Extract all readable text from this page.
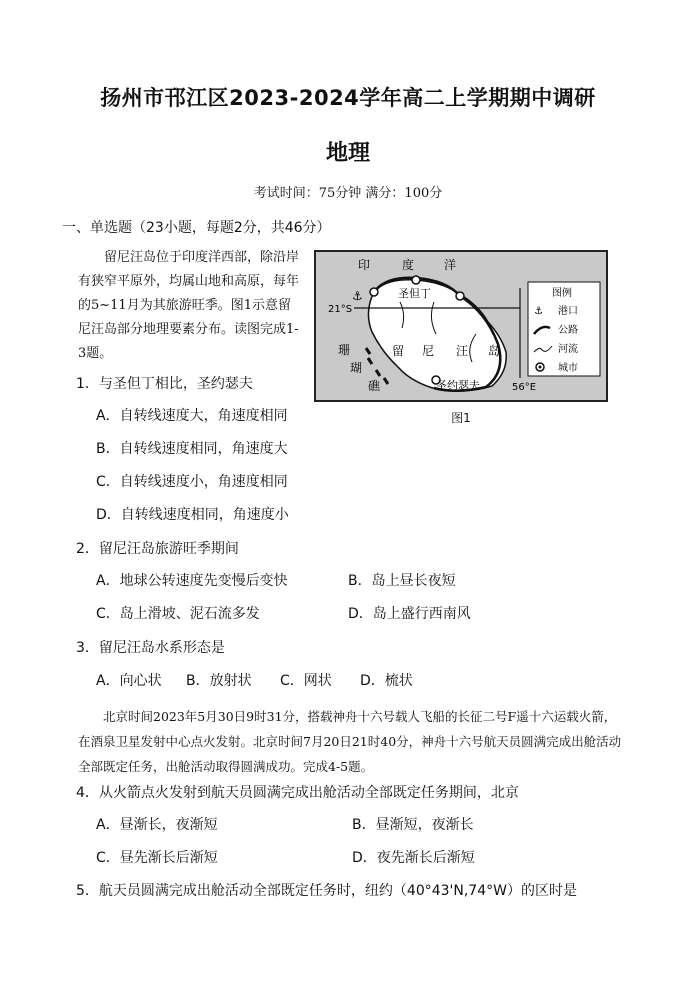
扬州市邗江区2023-2024学年高二上学期期中调研
地理
考试时间：75分钟 满分：100分
一、单选题（23小题，每题2分，共46分）
留尼汪岛位于印度洋西部，除沿岸有狭窄平原外，均属山地和高原，每年的5~11月为其旅游旺季。图1示意留尼汪岛部分地理要素分布。读图完成1-3题。
印	度 洋
21°S
56°E
圣但丁
圣约瑟夫
⚓
留 尼 汪 岛
珊
瑚
礁
图例
⚓ 港口
公路
河流
城市
图1
1．与圣但丁相比，圣约瑟夫
A．自转线速度大，角速度相同
B．自转线速度相同，角速度大
C．自转线速度小，角速度相同
D．自转线速度相同，角速度小
2．留尼汪岛旅游旺季期间
A．地球公转速度先变慢后变快	B．岛上昼长夜短
C．岛上滑坡、泥石流多发	D．岛上盛行西南风
3．留尼汪岛水系形态是
A．向心状 B．放射状 C．网状 D．梳状
北京时间2023年5月30日9时31分，搭载神舟十六号载人飞船的长征二号F遥十六运载火箭，在酒泉卫星发射中心点火发射。北京时间7月20日21时40分，神舟十六号航天员圆满完成出舱活动全部既定任务，出舱活动取得圆满成功。完成4-5题。
4．从火箭点火发射到航天员圆满完成出舱活动全部既定任务期间，北京
A．昼渐长，夜渐短	B．昼渐短，夜渐长
C．昼先渐长后渐短	D．夜先渐长后渐短
5．航天员圆满完成出舱活动全部既定任务时，纽约（40°43'N,74°W）的区时是
